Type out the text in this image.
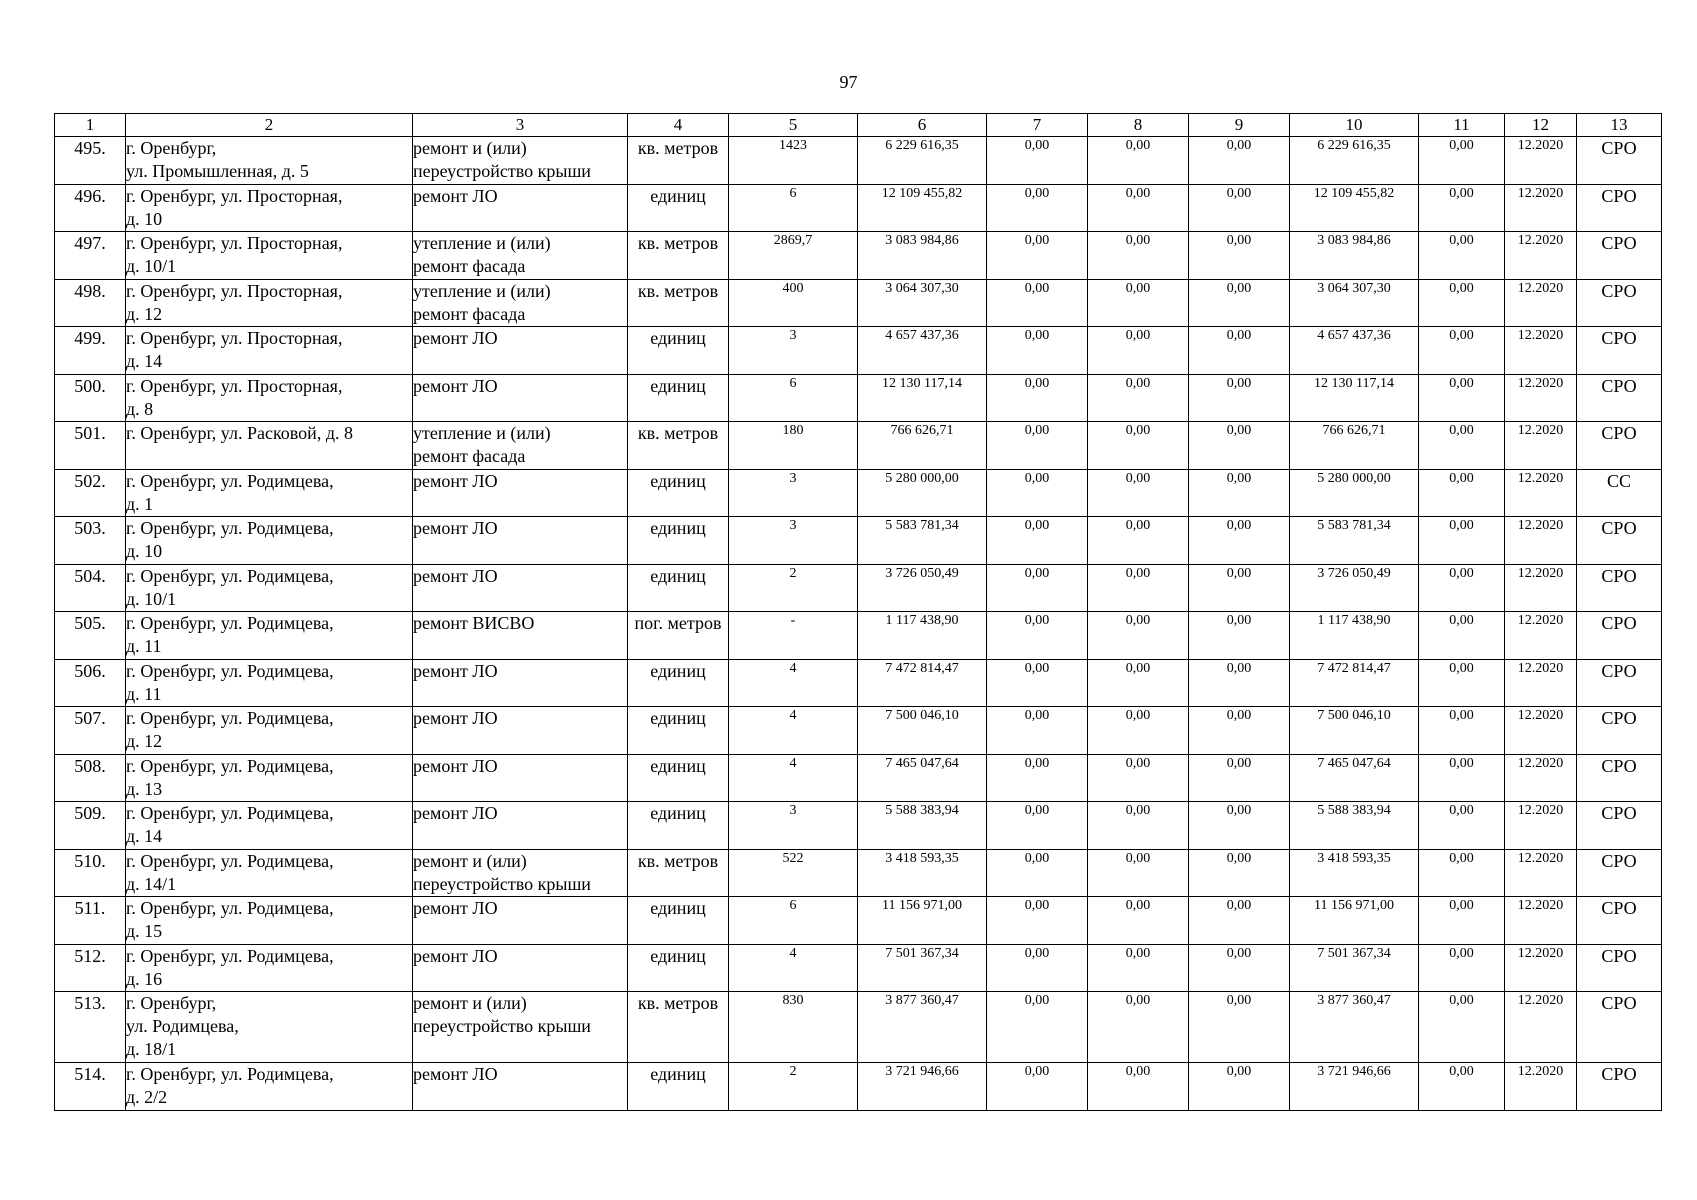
97
1	2	3	4	5	6	7	8	9	10	11	12	13
495.	г. Оренбург,
ул. Промышленная, д. 5	ремонт и (или)
переустройство крыши	кв. метров	1423	6 229 616,35	0,00	0,00	0,00	6 229 616,35	0,00	12.2020	СРО
496.	г. Оренбург, ул. Просторная,
д. 10	ремонт ЛО	единиц	6	12 109 455,82	0,00	0,00	0,00	12 109 455,82	0,00	12.2020	СРО
497.	г. Оренбург, ул. Просторная,
д. 10/1	утепление и (или)
ремонт фасада	кв. метров	2869,7	3 083 984,86	0,00	0,00	0,00	3 083 984,86	0,00	12.2020	СРО
498.	г. Оренбург, ул. Просторная,
д. 12	утепление и (или)
ремонт фасада	кв. метров	400	3 064 307,30	0,00	0,00	0,00	3 064 307,30	0,00	12.2020	СРО
499.	г. Оренбург, ул. Просторная,
д. 14	ремонт ЛО	единиц	3	4 657 437,36	0,00	0,00	0,00	4 657 437,36	0,00	12.2020	СРО
500.	г. Оренбург, ул. Просторная,
д. 8	ремонт ЛО	единиц	6	12 130 117,14	0,00	0,00	0,00	12 130 117,14	0,00	12.2020	СРО
501.	г. Оренбург, ул. Расковой, д. 8	утепление и (или)
ремонт фасада	кв. метров	180	766 626,71	0,00	0,00	0,00	766 626,71	0,00	12.2020	СРО
502.	г. Оренбург, ул. Родимцева,
д. 1	ремонт ЛО	единиц	3	5 280 000,00	0,00	0,00	0,00	5 280 000,00	0,00	12.2020	СС
503.	г. Оренбург, ул. Родимцева,
д. 10	ремонт ЛО	единиц	3	5 583 781,34	0,00	0,00	0,00	5 583 781,34	0,00	12.2020	СРО
504.	г. Оренбург, ул. Родимцева,
д. 10/1	ремонт ЛО	единиц	2	3 726 050,49	0,00	0,00	0,00	3 726 050,49	0,00	12.2020	СРО
505.	г. Оренбург, ул. Родимцева,
д. 11	ремонт ВИСВО	пог. метров	-	1 117 438,90	0,00	0,00	0,00	1 117 438,90	0,00	12.2020	СРО
506.	г. Оренбург, ул. Родимцева,
д. 11	ремонт ЛО	единиц	4	7 472 814,47	0,00	0,00	0,00	7 472 814,47	0,00	12.2020	СРО
507.	г. Оренбург, ул. Родимцева,
д. 12	ремонт ЛО	единиц	4	7 500 046,10	0,00	0,00	0,00	7 500 046,10	0,00	12.2020	СРО
508.	г. Оренбург, ул. Родимцева,
д. 13	ремонт ЛО	единиц	4	7 465 047,64	0,00	0,00	0,00	7 465 047,64	0,00	12.2020	СРО
509.	г. Оренбург, ул. Родимцева,
д. 14	ремонт ЛО	единиц	3	5 588 383,94	0,00	0,00	0,00	5 588 383,94	0,00	12.2020	СРО
510.	г. Оренбург, ул. Родимцева,
д. 14/1	ремонт и (или)
переустройство крыши	кв. метров	522	3 418 593,35	0,00	0,00	0,00	3 418 593,35	0,00	12.2020	СРО
511.	г. Оренбург, ул. Родимцева,
д. 15	ремонт ЛО	единиц	6	11 156 971,00	0,00	0,00	0,00	11 156 971,00	0,00	12.2020	СРО
512.	г. Оренбург, ул. Родимцева,
д. 16	ремонт ЛО	единиц	4	7 501 367,34	0,00	0,00	0,00	7 501 367,34	0,00	12.2020	СРО
513.	г. Оренбург,
ул. Родимцева,
д. 18/1	ремонт и (или)
переустройство крыши	кв. метров	830	3 877 360,47	0,00	0,00	0,00	3 877 360,47	0,00	12.2020	СРО
514.	г. Оренбург, ул. Родимцева,
д. 2/2	ремонт ЛО	единиц	2	3 721 946,66	0,00	0,00	0,00	3 721 946,66	0,00	12.2020	СРО
